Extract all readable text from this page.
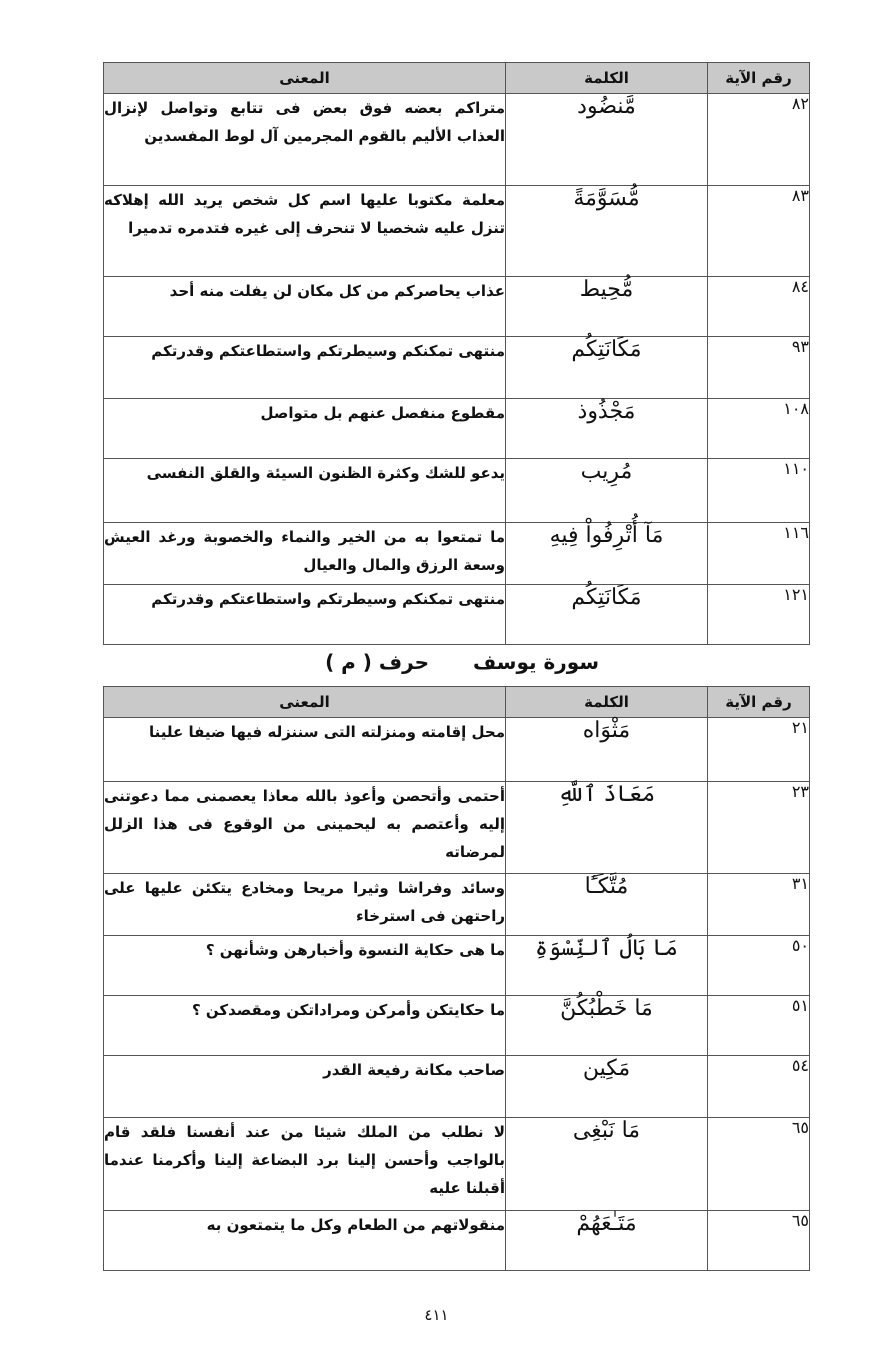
رقم الآية	الكلمة	المعنى
٨٢	مَّنضُود	متراكم بعضه فوق بعض فى تتابع وتواصل لإنزال العذاب الأليم بالقوم المجرمين آل لوط المفسدين
٨٣	مُّسَوَّمَةً	معلمة مكتوبا عليها اسم كل شخص يريد الله إهلاكه تنزل عليه شخصيا لا تنحرف إلى غيره فتدمره تدميرا
٨٤	مُّحِيط	عذاب يحاصركم من كل مكان لن يفلت منه أحد
٩٣	مَكَانَتِكُم	منتهى تمكنكم وسيطرتكم واستطاعتكم وقدرتكم
١٠٨	مَجْذُوذ	مقطوع منفصل عنهم بل متواصل
١١٠	مُرِيب	يدعو للشك وكثرة الظنون السيئة والقلق النفسى
١١٦	مَآ أُتْرِفُواْ فِيهِ	ما تمتعوا به من الخير والنماء والخصوبة ورغد العيش وسعة الرزق والمال والعيال
١٢١	مَكَانَتِكُم	منتهى تمكنكم وسيطرتكم واستطاعتكم وقدرتكم
سورة يوسف
حرف ( م )
رقم الآية	الكلمة	المعنى
٢١	مَثْوَاه	محل إقامته ومنزلته التى سننزله فيها ضيفا علينا
٢٣	مَعَاذَ ٱللَّهِ	أحتمى وأتحصن وأعوذ بالله معاذا يعصمنى مما دعوتنى إليه وأعتصم به ليحمينى من الوقوع فى هذا الزلل لمرضاته
٣١	مُتَّكَـًٔا	وسائد وفراشا وثيرا مريحا ومخادع يتكئن عليها على راحتهن فى استرخاء
٥٠	مَا بَالُ ٱلنِّسْوَةِ	ما هى حكاية النسوة وأخبارهن وشأنهن ؟
٥١	مَا خَطْبُكُنَّ	ما حكايتكن وأمركن ومراداتكن ومقصدكن ؟
٥٤	مَكِين	صاحب مكانة رفيعة القدر
٦٥	مَا نَبْغِى	لا نطلب من الملك شيئا من عند أنفسنا فلقد قام بالواجب وأحسن إلينا برد البضاعة إلينا وأكرمنا عندما أقبلنا عليه
٦٥	مَتَـٰعَهُمْ	منقولاتهم من الطعام وكل ما يتمتعون به
٤١١
